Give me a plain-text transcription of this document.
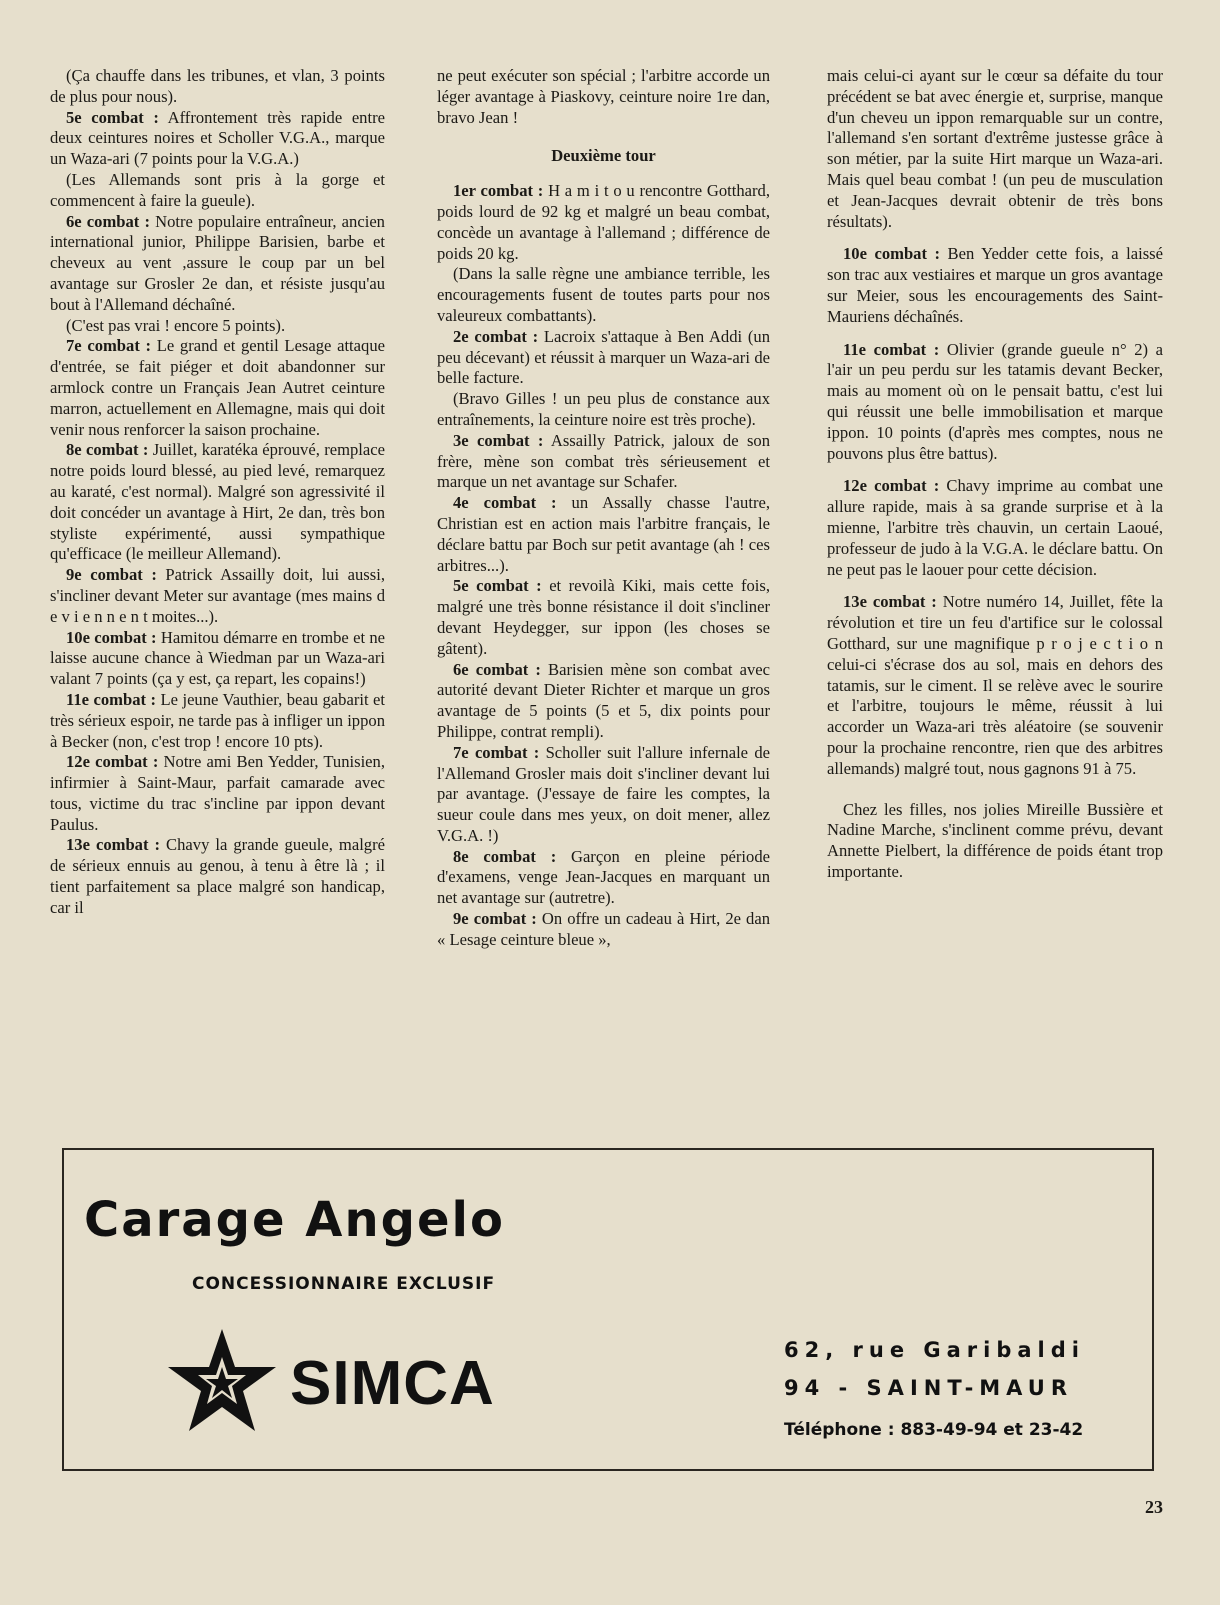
(Ça chauffe dans les tribunes, et vlan, 3 points de plus pour nous).

5e combat : Affrontement très rapide entre deux ceintures noires et Scholler V.G.A., marque un Waza-ari (7 points pour la V.G.A.)

(Les Allemands sont pris à la gorge et commencent à faire la gueule).

6e combat : Notre populaire entraîneur, ancien international junior, Philippe Barisien, barbe et cheveux au vent ,assure le coup par un bel avantage sur Grosler 2e dan, et résiste jusqu'au bout à l'Allemand déchaîné.

(C'est pas vrai ! encore 5 points).

7e combat : Le grand et gentil Lesage attaque d'entrée, se fait piéger et doit abandonner sur armlock contre un Français Jean Autret ceinture marron, actuellement en Allemagne, mais qui doit venir nous renforcer la saison prochaine.

8e combat : Juillet, karatéka éprouvé, remplace notre poids lourd blessé, au pied levé, remarquez au karaté, c'est normal). Malgré son agressivité il doit concéder un avantage à Hirt, 2e dan, très bon styliste expérimenté, aussi sympathique qu'efficace (le meilleur Allemand).

9e combat : Patrick Assailly doit, lui aussi, s'incliner devant Meter sur avantage (mes mains d e v i e n n e n t moites...).

10e combat : Hamitou démarre en trombe et ne laisse aucune chance à Wiedman par un Waza-ari valant 7 points (ça y est, ça repart, les copains!)

11e combat : Le jeune Vauthier, beau gabarit et très sérieux espoir, ne tarde pas à infliger un ippon à Becker (non, c'est trop ! encore 10 pts).

12e combat : Notre ami Ben Yedder, Tunisien, infirmier à Saint-Maur, parfait camarade avec tous, victime du trac s'incline par ippon devant Paulus.

13e combat : Chavy la grande gueule, malgré de sérieux ennuis au genou, à tenu à être là ; il tient parfaitement sa place malgré son handicap, car il

ne peut exécuter son spécial ; l'arbitre accorde un léger avantage à Piaskovy, ceinture noire 1re dan, bravo Jean !

Deuxième tour

1er combat : H a m i t o u rencontre Gotthard, poids lourd de 92 kg et malgré un beau combat, concède un avantage à l'allemand ; différence de poids 20 kg.

(Dans la salle règne une ambiance terrible, les encouragements fusent de toutes parts pour nos valeureux combattants).

2e combat : Lacroix s'attaque à Ben Addi (un peu décevant) et réussit à marquer un Waza-ari de belle facture.

(Bravo Gilles ! un peu plus de constance aux entraînements, la ceinture noire est très proche).

3e combat : Assailly Patrick, jaloux de son frère, mène son combat très sérieusement et marque un net avantage sur Schafer.

4e combat : un Assally chasse l'autre, Christian est en action mais l'arbitre français, le déclare battu par Boch sur petit avantage (ah ! ces arbitres...).

5e combat : et revoilà Kiki, mais cette fois, malgré une très bonne résistance il doit s'incliner devant Heydegger, sur ippon (les choses se gâtent).

6e combat : Barisien mène son combat avec autorité devant Dieter Richter et marque un gros avantage de 5 points (5 et 5, dix points pour Philippe, contrat rempli).

7e combat : Scholler suit l'allure infernale de l'Allemand Grosler mais doit s'incliner devant lui par avantage. (J'essaye de faire les comptes, la sueur coule dans mes yeux, on doit mener, allez V.G.A. !)

8e combat : Garçon en pleine période d'examens, venge Jean-Jacques en marquant un net avantage sur (autretre).

9e combat : On offre un cadeau à Hirt, 2e dan « Lesage ceinture bleue »,

mais celui-ci ayant sur le cœur sa défaite du tour précédent se bat avec énergie et, surprise, manque d'un cheveu un ippon remarquable sur un contre, l'allemand s'en sortant d'extrême justesse grâce à son métier, par la suite Hirt marque un Waza-ari. Mais quel beau combat ! (un peu de musculation et Jean-Jacques devrait obtenir de très bons résultats).

10e combat : Ben Yedder cette fois, a laissé son trac aux vestiaires et marque un gros avantage sur Meier, sous les encouragements des Saint-Mauriens déchaînés.

11e combat : Olivier (grande gueule n° 2) a l'air un peu perdu sur les tatamis devant Becker, mais au moment où on le pensait battu, c'est lui qui réussit une belle immobilisation et marque ippon. 10 points (d'après mes comptes, nous ne pouvons plus être battus).

12e combat : Chavy imprime au combat une allure rapide, mais à sa grande surprise et à la mienne, l'arbitre très chauvin, un certain Laoué, professeur de judo à la V.G.A. le déclare battu. On ne peut pas le laouer pour cette décision.

13e combat : Notre numéro 14, Juillet, fête la révolution et tire un feu d'artifice sur le colossal Gotthard, sur une magnifique p r o j e c t i o n celui-ci s'écrase dos au sol, mais en dehors des tatamis, sur le ciment. Il se relève avec le sourire et l'arbitre, toujours le même, réussit à lui accorder un Waza-ari très aléatoire (se souvenir pour la prochaine rencontre, rien que des arbitres allemands) malgré tout, nous gagnons 91 à 75.

Chez les filles, nos jolies Mireille Bussière et Nadine Marche, s'inclinent comme prévu, devant Annette Pielbert, la différence de poids étant trop importante.

Carage Angelo
CONCESSIONNAIRE EXCLUSIF
SIMCA	62, rue Garibaldi
94 - SAINT-MAUR
Téléphone : 883-49-94 et 23-42
23
